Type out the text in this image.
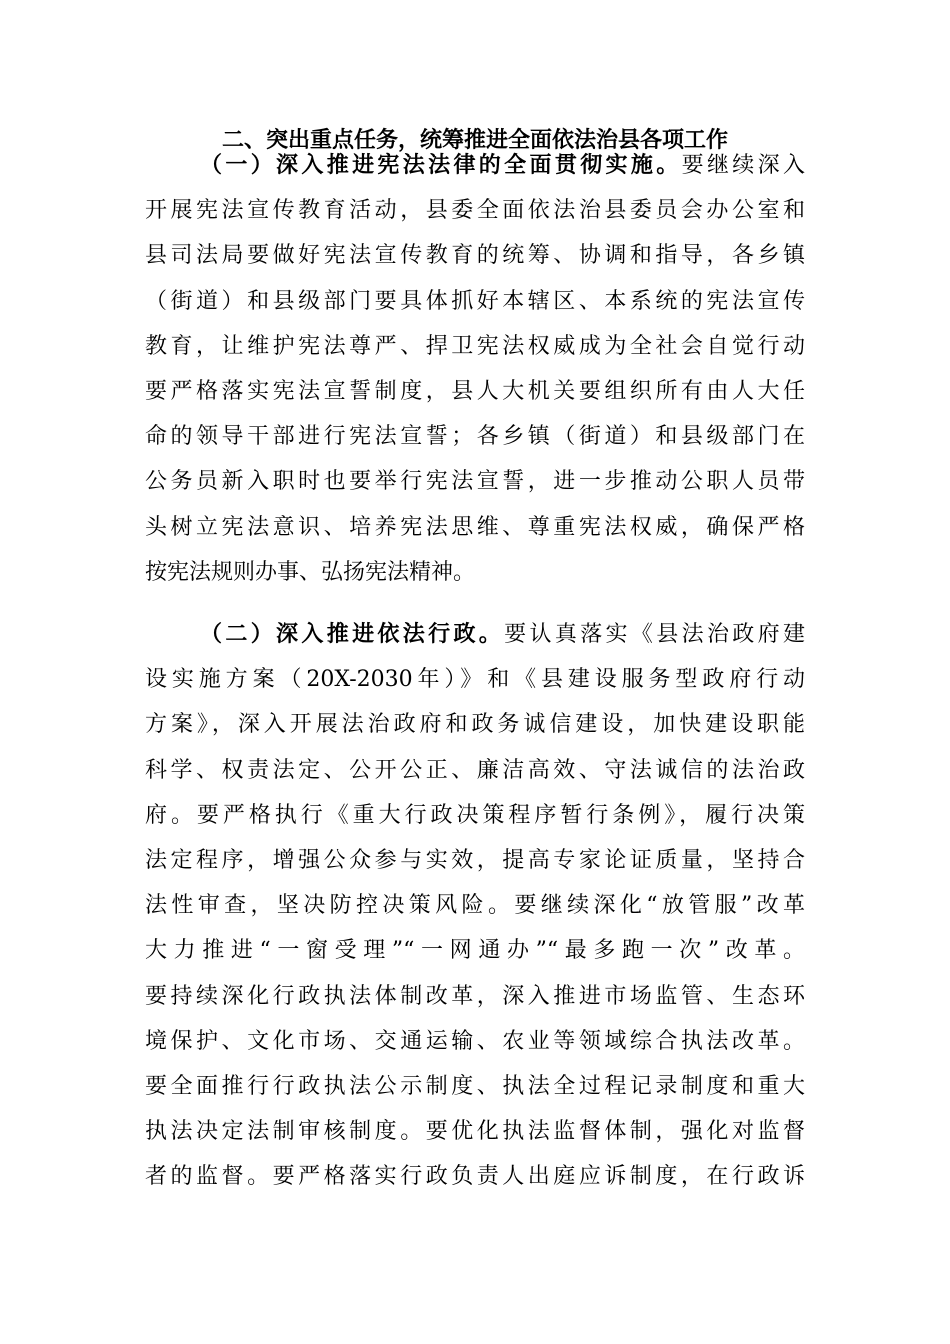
二、突出重点任务，统筹推进全面依法治县各项工作
（一）深入推进宪法法律的全面贯彻实施。要继续深入
开展宪法宣传教育活动，县委全面依法治县委员会办公室和
县司法局要做好宪法宣传教育的统筹、协调和指导，各乡镇
（街道）和县级部门要具体抓好本辖区、本系统的宪法宣传
教育，让维护宪法尊严、捍卫宪法权威成为全社会自觉行动
要严格落实宪法宣誓制度，县人大机关要组织所有由人大任
命的领导干部进行宪法宣誓；各乡镇（街道）和县级部门在
公务员新入职时也要举行宪法宣誓，进一步推动公职人员带
头树立宪法意识、培养宪法思维、尊重宪法权威，确保严格
按宪法规则办事、弘扬宪法精神。
（二）深入推进依法行政。要认真落实《县法治政府建
设实施方案（20X-2030年）》和《县建设服务型政府行动
方案》，深入开展法治政府和政务诚信建设，加快建设职能
科学、权责法定、公开公正、廉洁高效、守法诚信的法治政
府。要严格执行《重大行政决策程序暂行条例》，履行决策
法定程序，增强公众参与实效，提高专家论证质量，坚持合
法性审查，坚决防控决策风险。要继续深化“放管服”改革
大力推进“一窗受理”“一网通办”“最多跑一次”改革。
要持续深化行政执法体制改革，深入推进市场监管、生态环
境保护、文化市场、交通运输、农业等领域综合执法改革。
要全面推行行政执法公示制度、执法全过程记录制度和重大
执法决定法制审核制度。要优化执法监督体制，强化对监督
者的监督。要严格落实行政负责人出庭应诉制度，在行政诉
